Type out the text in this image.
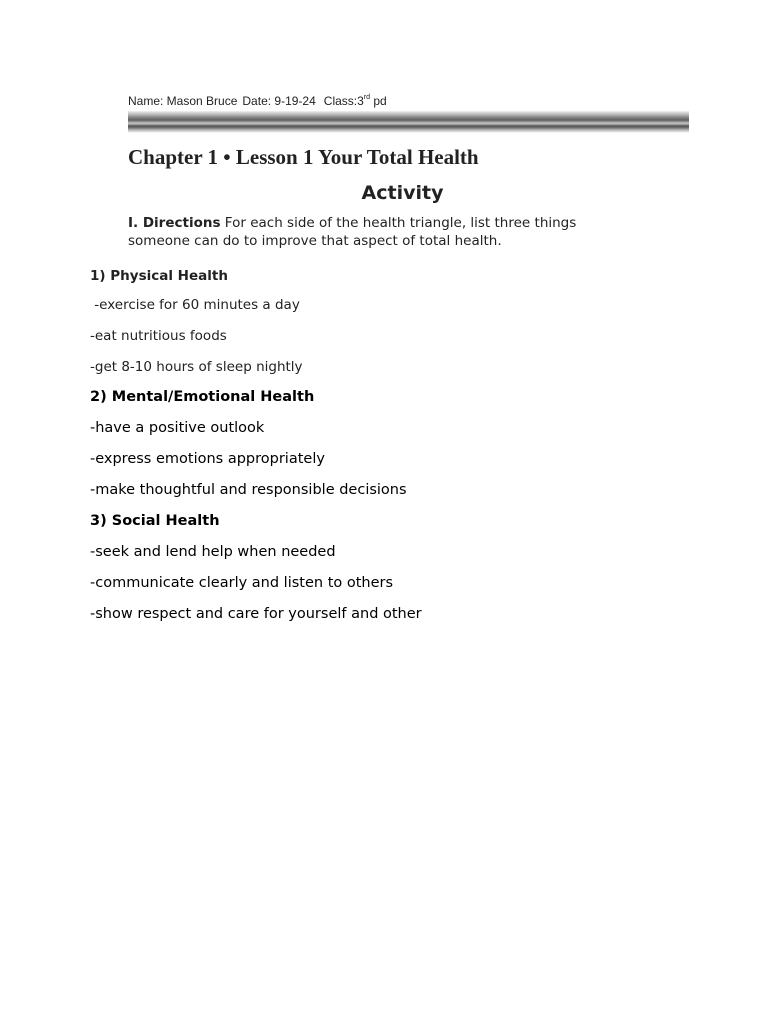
Name: Mason Bruce Date: 9-19-24 Class:3rd pd
Chapter 1 • Lesson 1 Your Total Health
Activity
I. Directions For each side of the health triangle, list three things someone can do to improve that aspect of total health.
1) Physical Health
-exercise for 60 minutes a day
-eat nutritious foods
-get 8-10 hours of sleep nightly
2) Mental/Emotional Health
-have a positive outlook
-express emotions appropriately
-make thoughtful and responsible decisions
3) Social Health
-seek and lend help when needed
-communicate clearly and listen to others
-show respect and care for yourself and other
